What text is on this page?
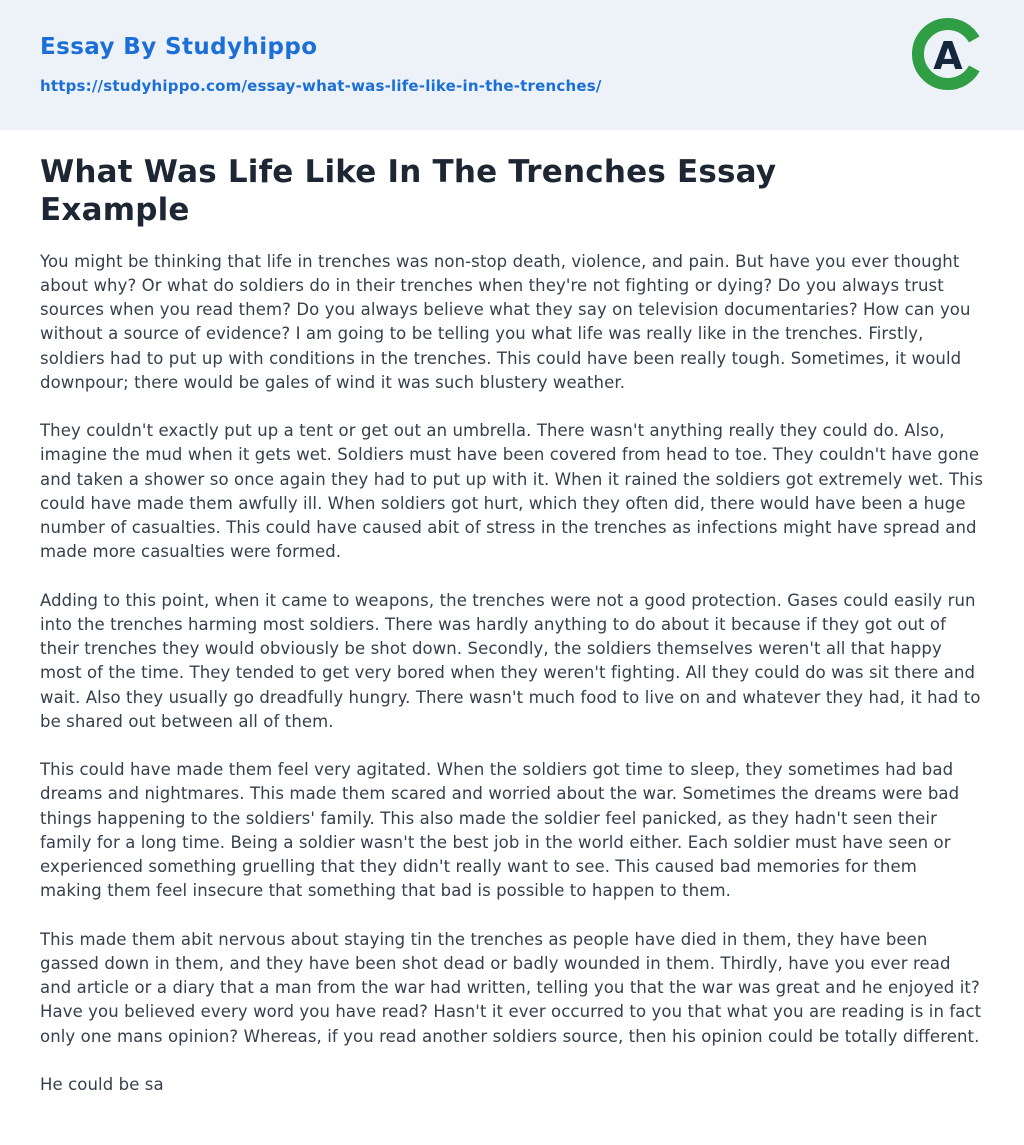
Essay By Studyhippo
https://studyhippo.com/essay-what-was-life-like-in-the-trenches/
A
What Was Life Like In The Trenches Essay Example

You might be thinking that life in trenches was non-stop death, violence, and pain. But have you ever thought about why? Or what do soldiers do in their trenches when they're not fighting or dying? Do you always trust sources when you read them? Do you always believe what they say on television documentaries? How can you without a source of evidence? I am going to be telling you what life was really like in the trenches. Firstly, soldiers had to put up with conditions in the trenches. This could have been really tough. Sometimes, it would downpour; there would be gales of wind it was such blustery weather.

They couldn't exactly put up a tent or get out an umbrella. There wasn't anything really they could do. Also, imagine the mud when it gets wet. Soldiers must have been covered from head to toe. They couldn't have gone and taken a shower so once again they had to put up with it. When it rained the soldiers got extremely wet. This could have made them awfully ill. When soldiers got hurt, which they often did, there would have been a huge number of casualties. This could have caused abit of stress in the trenches as infections might have spread and made more casualties were formed.

Adding to this point, when it came to weapons, the trenches were not a good protection. Gases could easily run into the trenches harming most soldiers. There was hardly anything to do about it because if they got out of their trenches they would obviously be shot down. Secondly, the soldiers themselves weren't all that happy most of the time. They tended to get very bored when they weren't fighting. All they could do was sit there and wait. Also they usually go dreadfully hungry. There wasn't much food to live on and whatever they had, it had to be shared out between all of them.

This could have made them feel very agitated. When the soldiers got time to sleep, they sometimes had bad dreams and nightmares. This made them scared and worried about the war. Sometimes the dreams were bad things happening to the soldiers' family. This also made the soldier feel panicked, as they hadn't seen their family for a long time. Being a soldier wasn't the best job in the world either. Each soldier must have seen or experienced something gruelling that they didn't really want to see. This caused bad memories for them making them feel insecure that something that bad is possible to happen to them.

This made them abit nervous about staying tin the trenches as people have died in them, they have been gassed down in them, and they have been shot dead or badly wounded in them. Thirdly, have you ever read and article or a diary that a man from the war had written, telling you that the war was great and he enjoyed it? Have you believed every word you have read? Hasn't it ever occurred to you that what you are reading is in fact only one mans opinion? Whereas, if you read another soldiers source, then his opinion could be totally different.

He could be sa
